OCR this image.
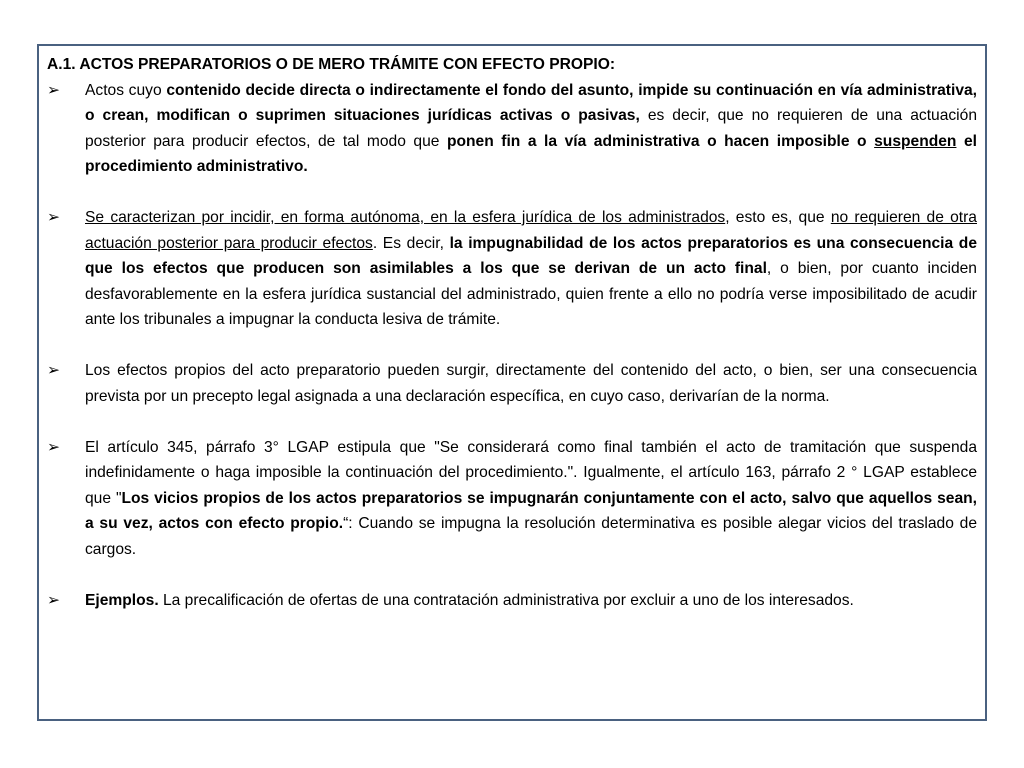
A.1. ACTOS PREPARATORIOS O DE MERO TRÁMITE CON EFECTO PROPIO:

➢	Actos cuyo contenido decide directa o indirectamente el fondo del asunto, impide su continuación en vía administrativa, o crean, modifican o suprimen situaciones jurídicas activas o pasivas, es decir, que no requieren de una actuación posterior para producir efectos, de tal modo que ponen fin a la vía administrativa o hacen imposible o suspenden el procedimiento administrativo.

➢	Se caracterizan por incidir, en forma autónoma, en la esfera jurídica de los administrados, esto es, que no requieren de otra actuación posterior para producir efectos. Es decir, la impugnabilidad de los actos preparatorios es una consecuencia de que los efectos que producen son asimilables a los que se derivan de un acto final, o bien, por cuanto inciden desfavorablemente en la esfera jurídica sustancial del administrado, quien frente a ello no podría verse imposibilitado de acudir ante los tribunales a impugnar la conducta lesiva de trámite.

➢	Los efectos propios del acto preparatorio pueden surgir, directamente del contenido del acto, o bien, ser una consecuencia prevista por un precepto legal asignada a una declaración específica, en cuyo caso, derivarían de la norma.

➢	El artículo 345, párrafo 3° LGAP estipula que "Se considerará como final también el acto de tramitación que suspenda indefinidamente o haga imposible la continuación del procedimiento.". Igualmente, el artículo 163, párrafo 2 ° LGAP establece que "Los vicios propios de los actos preparatorios se impugnarán conjuntamente con el acto, salvo que aquellos sean, a su vez, actos con efecto propio.“: Cuando se impugna la resolución determinativa es posible alegar vicios del traslado de cargos.

➢	Ejemplos. La precalificación de ofertas de una contratación administrativa por excluir a uno de los interesados.
